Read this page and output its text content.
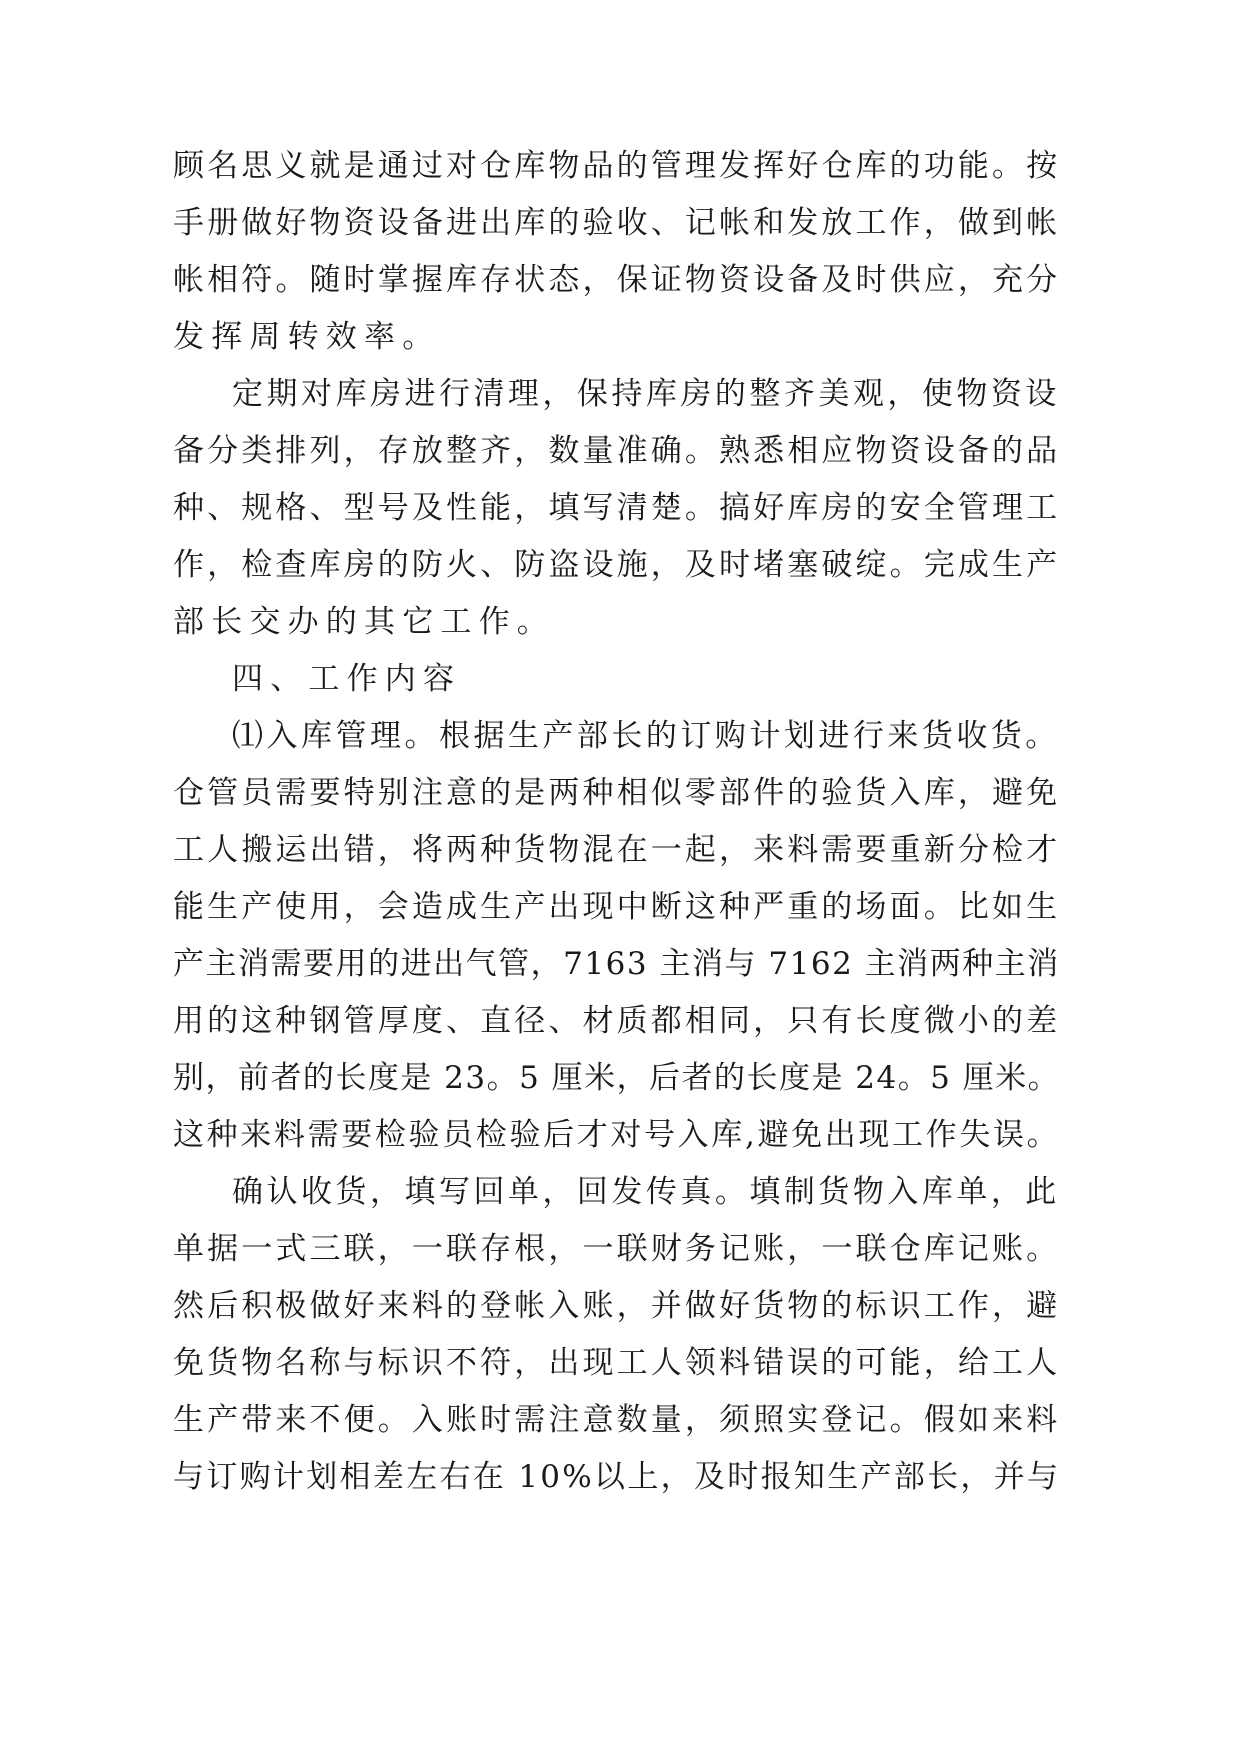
顾名思义就是通过对仓库物品的管理发挥好仓库的功能。按
手册做好物资设备进出库的验收、记帐和发放工作，做到帐
帐相符。随时掌握库存状态，保证物资设备及时供应，充分
发挥周转效率。
定期对库房进行清理，保持库房的整齐美观，使物资设
备分类排列，存放整齐，数量准确。熟悉相应物资设备的品
种、规格、型号及性能，填写清楚。搞好库房的安全管理工
作，检查库房的防火、防盗设施，及时堵塞破绽。完成生产
部长交办的其它工作。
四、工作内容
⑴入库管理。根据生产部长的订购计划进行来货收货。
仓管员需要特别注意的是两种相似零部件的验货入库，避免
工人搬运出错，将两种货物混在一起，来料需要重新分检才
能生产使用，会造成生产出现中断这种严重的场面。比如生
产主消需要用的进出气管，7163 主消与 7162 主消两种主消
用的这种钢管厚度、直径、材质都相同，只有长度微小的差
别，前者的长度是 23。5 厘米，后者的长度是 24。5 厘米。
这种来料需要检验员检验后才对号入库,避免出现工作失误。
确认收货，填写回单，回发传真。填制货物入库单，此
单据一式三联，一联存根，一联财务记账，一联仓库记账。
然后积极做好来料的登帐入账，并做好货物的标识工作，避
免货物名称与标识不符，出现工人领料错误的可能，给工人
生产带来不便。入账时需注意数量，须照实登记。假如来料
与订购计划相差左右在 10%以上，及时报知生产部长，并与
